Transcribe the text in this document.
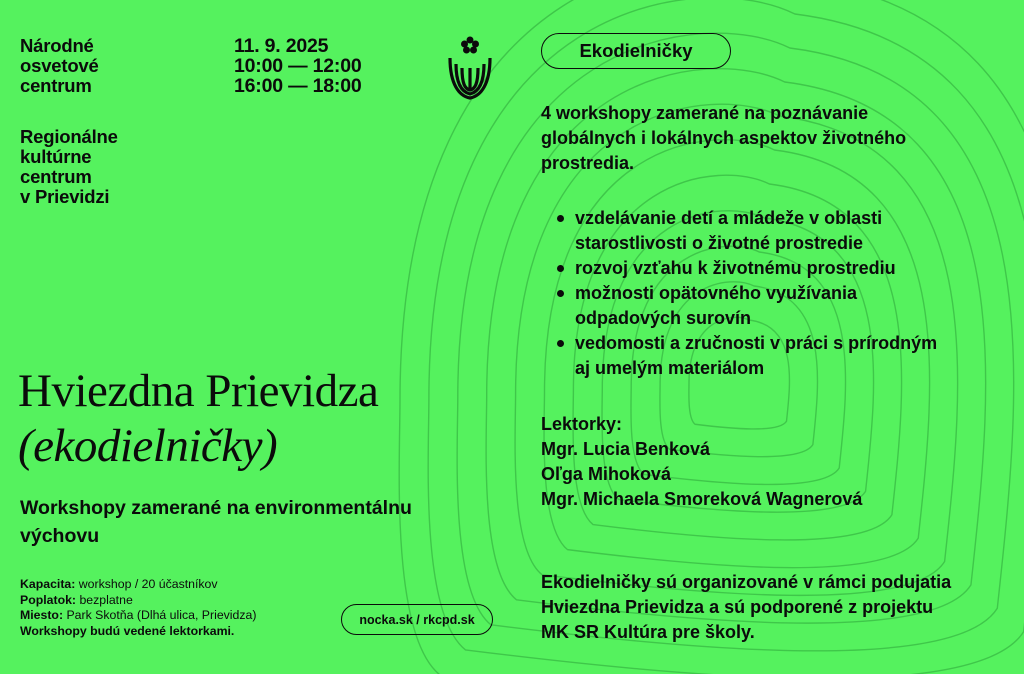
Národné
osvetové
centrum
Regionálne
kultúrne
centrum
v Prievidzi
11. 9. 2025
10:00 — 12:00
16:00 — 18:00
Ekodielničky
Hviezdna Prievidza
(ekodielničky)
Workshopy zamerané na environmentálnu
výchovu
Kapacita: workshop / 20 účastníkov
Poplatok: bezplatne
Miesto: Park Skotňa (Dlhá ulica, Prievidza)
Workshopy budú vedené lektorkami.
nocka.sk / rkcpd.sk
4 workshopy zamerané na poznávanie
globálnych i lokálnych aspektov životného
prostredia.
vzdelávanie detí a mládeže v oblasti
starostlivosti o životné prostredie
rozvoj vzťahu k životnému prostrediu
možnosti opätovného využívania
odpadových surovín
vedomosti a zručnosti v práci s prírodným
aj umelým materiálom
Lektorky:
Mgr. Lucia Benková
Oľga Mihoková
Mgr. Michaela Smoreková Wagnerová
Ekodielničky sú organizované v rámci podujatia
Hviezdna Prievidza a sú podporené z projektu
MK SR Kultúra pre školy.
